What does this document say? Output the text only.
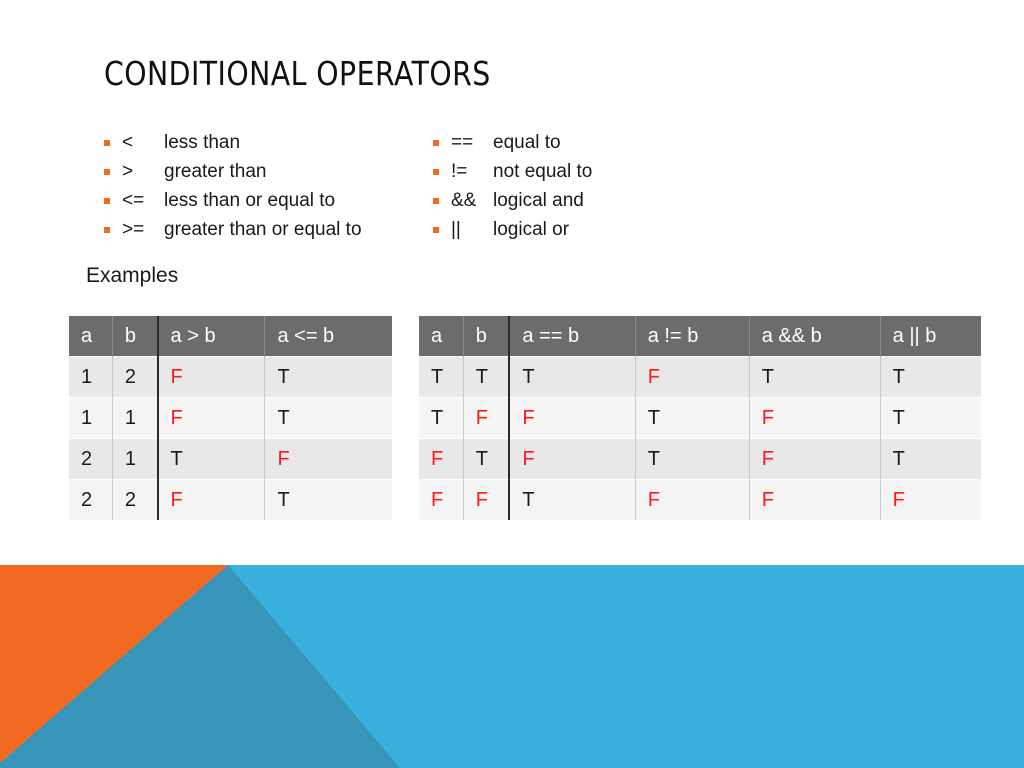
CONDITIONAL OPERATORS
<	less than
>	greater than
<=	less than or equal to
>=	greater than or equal to
==	equal to
!=	not equal to
&& logical and
||	logical or
Examples
a	b	a > b	a <= b
1	2	F	T
1	1	F	T
2	1	T	F
2	2	F	T
a	b	a == b	a != b	a && b	a || b
T	T	T	F	T	T
T	F	F	T	F	T
F	T	F	T	F	T
F	F	T	F	F	F
